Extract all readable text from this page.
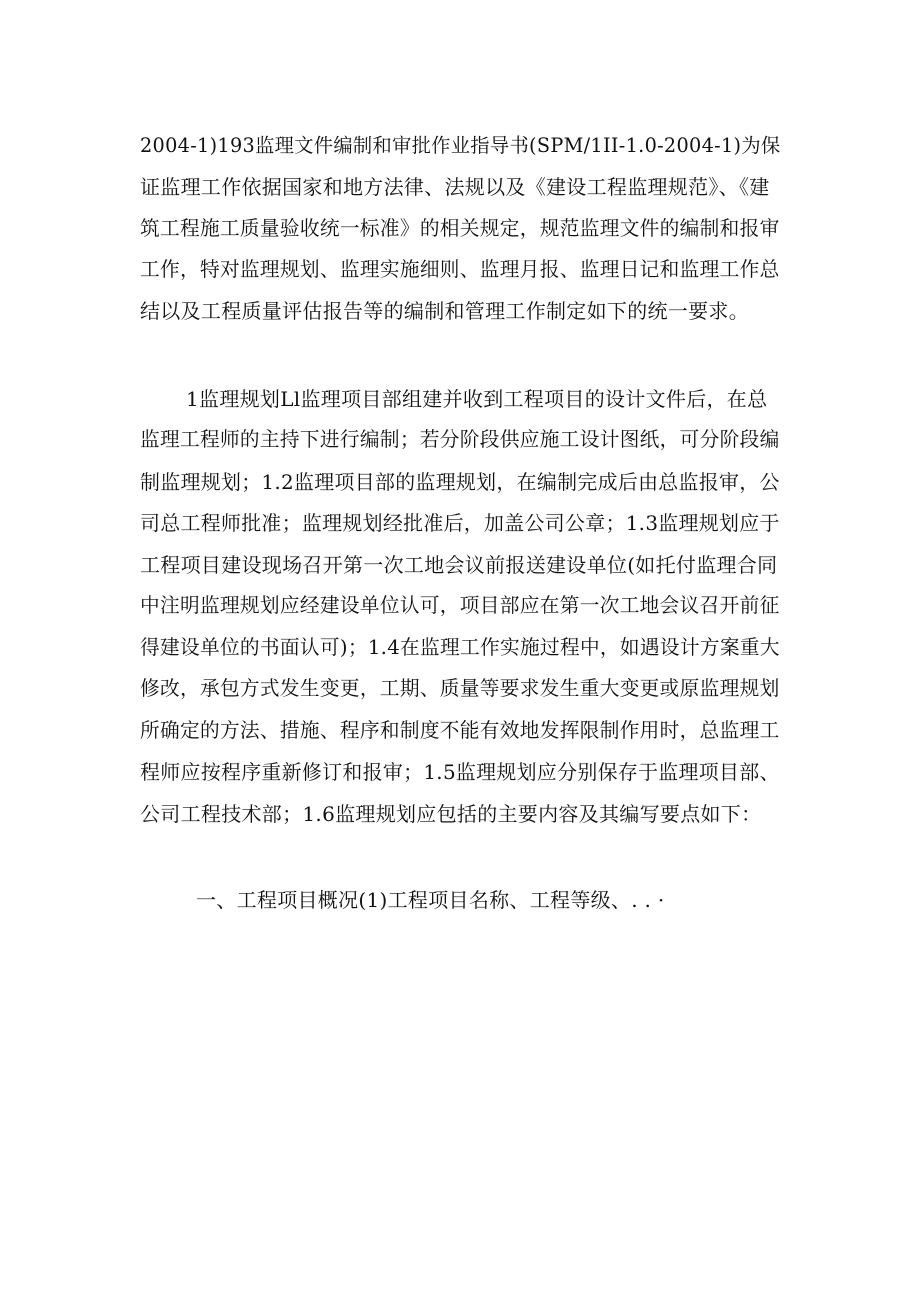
2004-1)193监理文件编制和审批作业指导书(SPM/1II-1.0-2004-1)为保
证监理工作依据国家和地方法律、法规以及《建设工程监理规范》、《建
筑工程施工质量验收统一标准》的相关规定，规范监理文件的编制和报审
工作，特对监理规划、监理实施细则、监理月报、监理日记和监理工作总
结以及工程质量评估报告等的编制和管理工作制定如下的统一要求。
1监理规划Ll监理项目部组建并收到工程项目的设计文件后，在总
监理工程师的主持下进行编制；若分阶段供应施工设计图纸，可分阶段编
制监理规划；1.2监理项目部的监理规划，在编制完成后由总监报审，公
司总工程师批准；监理规划经批准后，加盖公司公章；1.3监理规划应于
工程项目建设现场召开第一次工地会议前报送建设单位(如托付监理合同
中注明监理规划应经建设单位认可，项目部应在第一次工地会议召开前征
得建设单位的书面认可)；1.4在监理工作实施过程中，如遇设计方案重大
修改，承包方式发生变更，工期、质量等要求发生重大变更或原监理规划
所确定的方法、措施、程序和制度不能有效地发挥限制作用时，总监理工
程师应按程序重新修订和报审；1.5监理规划应分别保存于监理项目部、
公司工程技术部；1.6监理规划应包括的主要内容及其编写要点如下：
一、工程项目概况(1)工程项目名称、工程等级、. . ·
